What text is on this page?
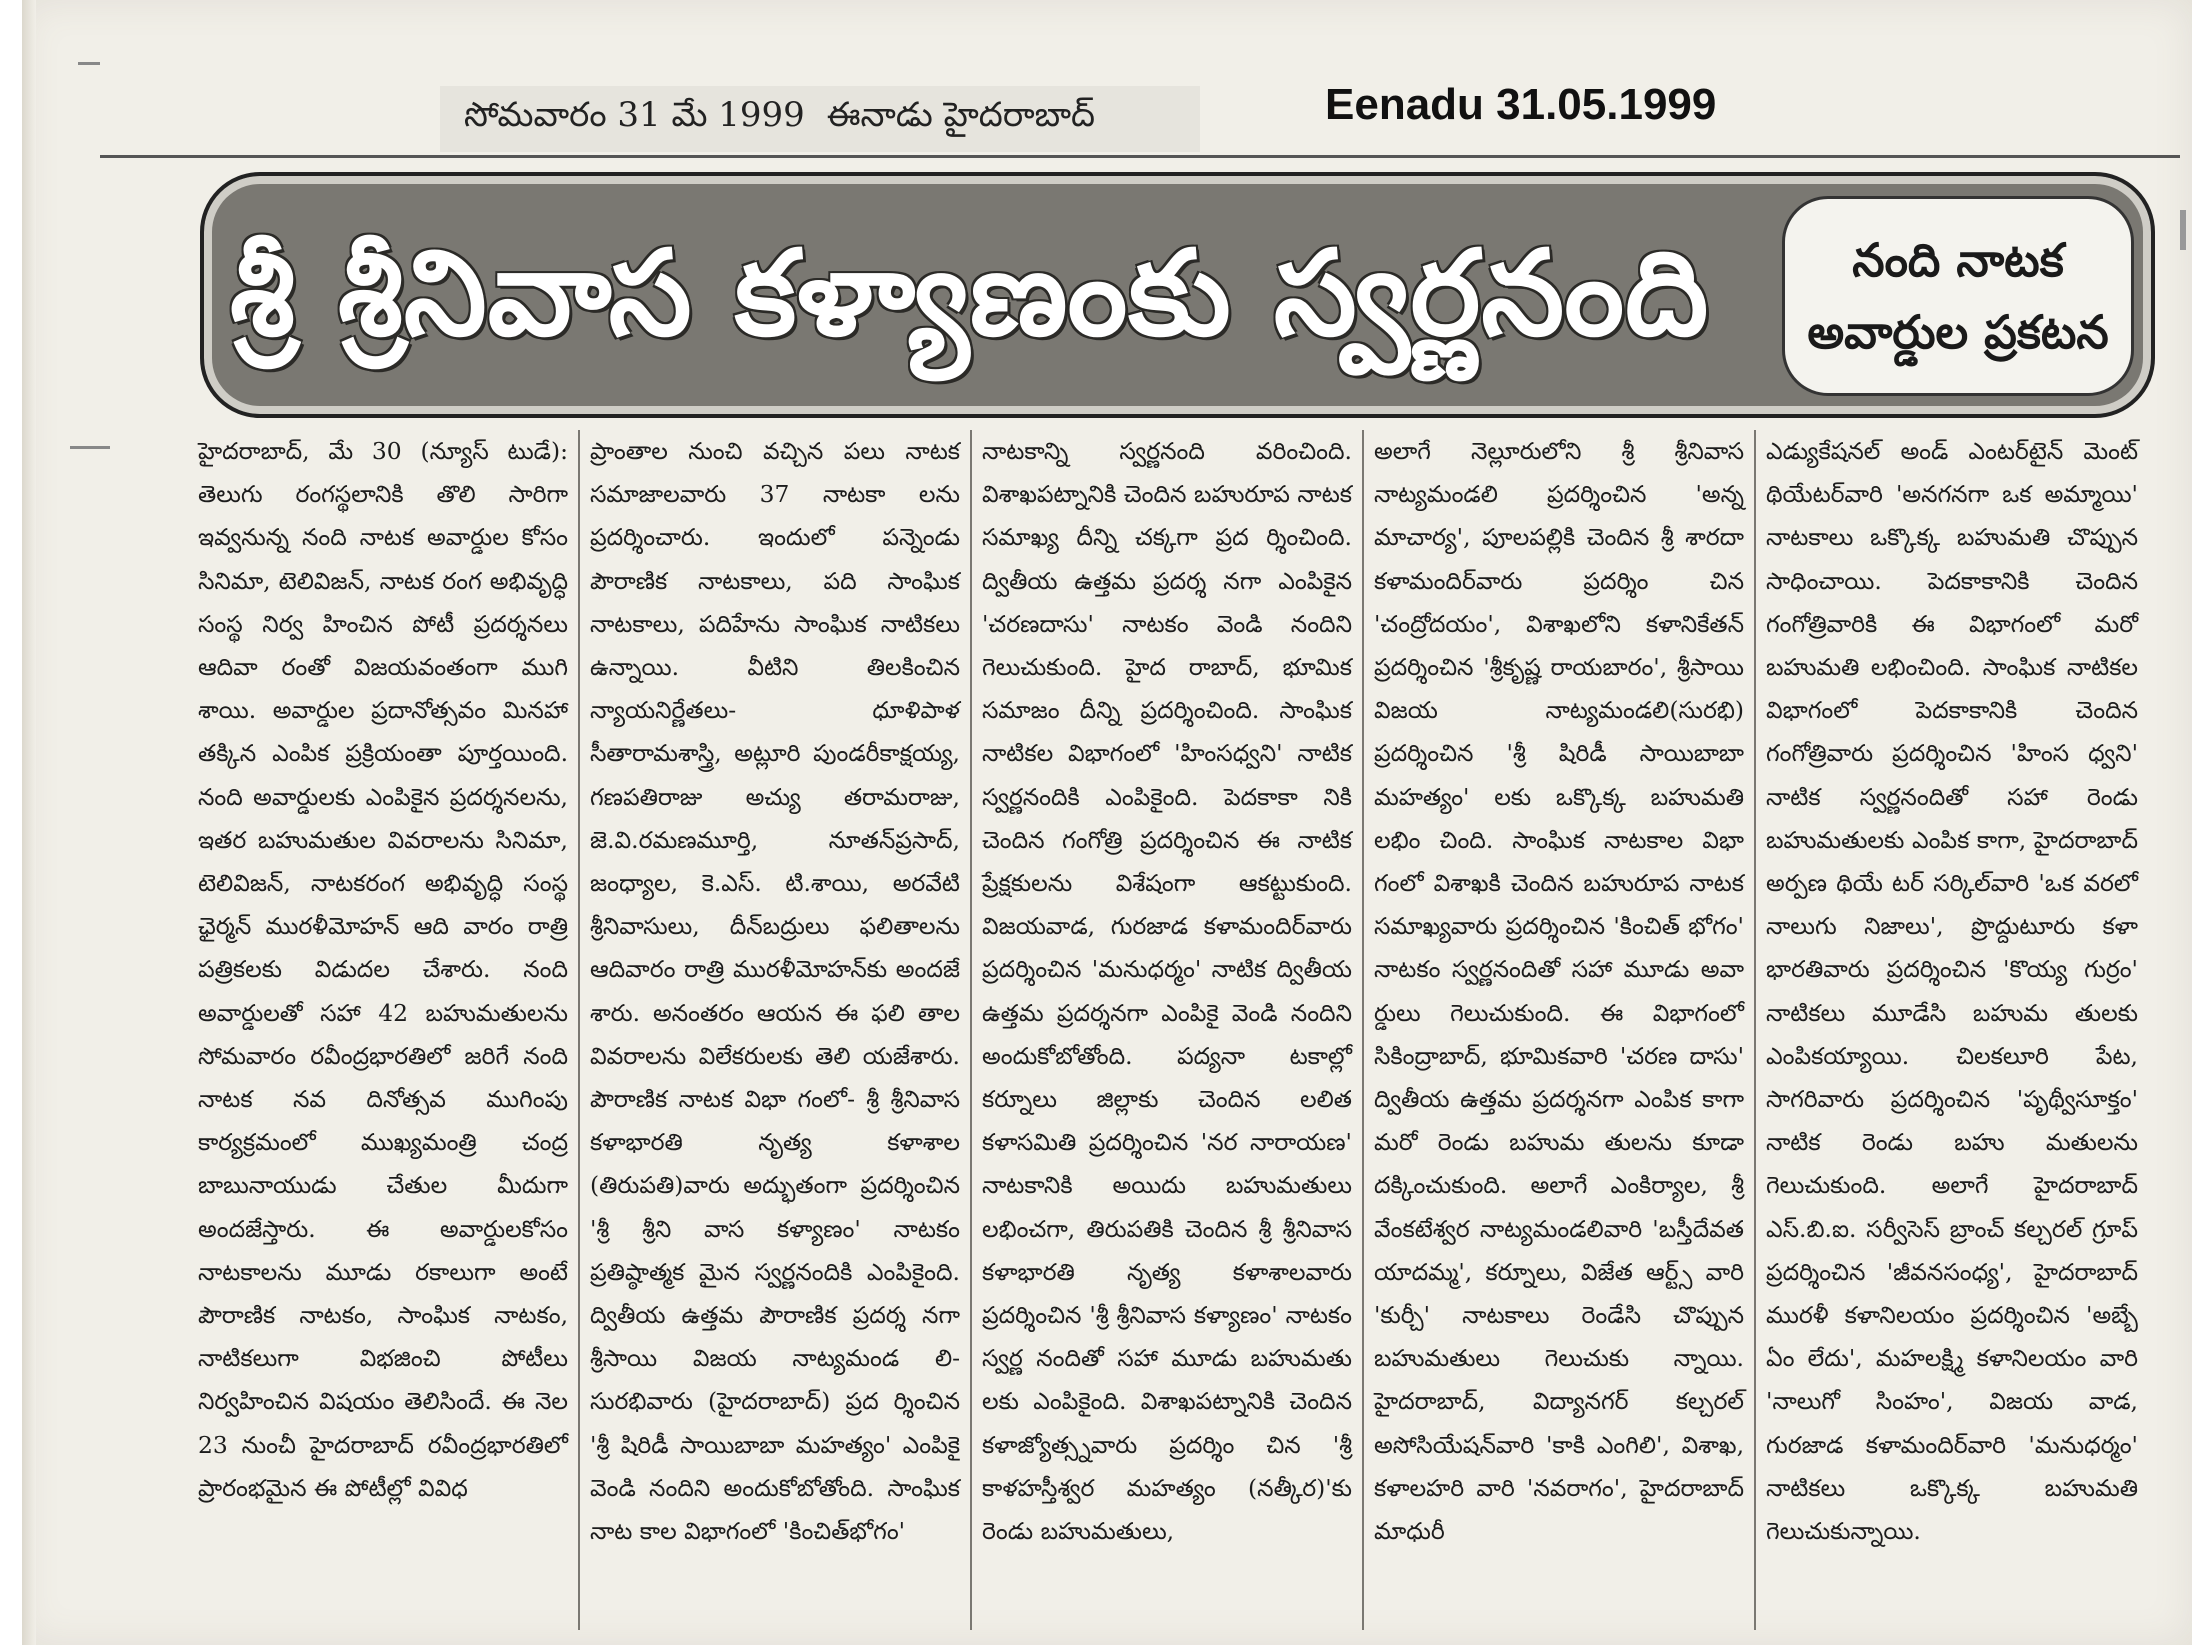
సోమవారం 31 మే 1999 ఈనాడు హైదరాబాద్	Eenadu 31.05.1999
శ్రీ శ్రీనివాస కళ్యాణంకు స్వర్ణనంది	నంది నాటక
అవార్డుల ప్రకటన

హైదరాబాద్, మే 30 (న్యూస్ టుడే): తెలుగు రంగస్థలానికి తొలి సారిగా ఇవ్వనున్న నంది నాటక అవార్డుల కోసం సినిమా, టెలివిజన్, నాటక రంగ అభివృద్ధి సంస్థ నిర్వ హించిన పోటీ ప్రదర్శనలు ఆదివా రంతో విజయవంతంగా ముగి శాయి. అవార్డుల ప్రదానోత్సవం మినహా తక్కిన ఎంపిక ప్రక్రియంతా పూర్తయింది. నంది అవార్డులకు ఎంపికైన ప్రదర్శనలను, ఇతర బహుమతుల వివరాలను సినిమా, టెలివిజన్, నాటకరంగ అభివృద్ధి సంస్థ ఛైర్మన్ మురళీమోహన్ ఆది వారం రాత్రి పత్రికలకు విడుదల చేశారు. నంది అవార్డులతో సహా 42 బహుమతులను సోమవారం రవీంద్రభారతిలో జరిగే నంది నాటక నవ దినోత్సవ ముగింపు కార్యక్రమంలో ముఖ్యమంత్రి చంద్ర బాబునాయుడు చేతుల మీదుగా అందజేస్తారు. ఈ అవార్డులకోసం నాటకాలను మూడు రకాలుగా అంటే పౌరాణిక నాటకం, సాంఘిక నాటకం, నాటికలుగా విభజించి పోటీలు నిర్వహించిన విషయం తెలిసిందే. ఈ నెల 23 నుంచీ హైదరాబాద్ రవీంద్రభారతిలో ప్రారంభమైన ఈ పోటీల్లో వివిధ

ప్రాంతాల నుంచి వచ్చిన పలు నాటక సమాజాలవారు 37 నాటకా లను ప్రదర్శించారు. ఇందులో పన్నెండు పౌరాణిక నాటకాలు, పది సాంఘిక నాటకాలు, పదిహేను సాంఘిక నాటికలు ఉన్నాయి. వీటిని తిలకించిన న్యాయనిర్ణేతలు- ధూళిపాళ సీతారామశాస్త్రి, అట్లూరి పుండరీకాక్షయ్య, గణపతిరాజు అచ్యు తరామరాజు, జె.వి.రమణమూర్తి, నూతన్‌ప్రసాద్, జంధ్యాల, కె.ఎస్. టి.శాయి, అరవేటి శ్రీనివాసులు, దీన్‌బద్రులు ఫలితాలను ఆదివారం రాత్రి మురళీమోహన్‌కు అందజే శారు. అనంతరం ఆయన ఈ ఫలి తాల వివరాలను విలేకరులకు తెలి యజేశారు. పౌరాణిక నాటక విభా గంలో- శ్రీ శ్రీనివాస కళాభారతి నృత్య కళాశాల (తిరుపతి)వారు అద్భుతంగా ప్రదర్శించిన 'శ్రీ శ్రీని వాస కళ్యాణం' నాటకం ప్రతిష్ఠాత్మక మైన స్వర్ణనందికి ఎంపికైంది. ద్వితీయ ఉత్తమ పౌరాణిక ప్రదర్శ నగా శ్రీసాయి విజయ నాట్యమండ లి-సురభివారు (హైదరాబాద్) ప్రద ర్శించిన 'శ్రీ షిరిడీ సాయిబాబా మహత్యం' ఎంపికై వెండి నందిని అందుకోబోతోంది. సాంఘిక నాట కాల విభాగంలో 'కించిత్‌భోగం'

నాటకాన్ని స్వర్ణనంది వరించింది. విశాఖపట్నానికి చెందిన బహురూప నాటక సమాఖ్య దీన్ని చక్కగా ప్రద ర్శించింది. ద్వితీయ ఉత్తమ ప్రదర్శ నగా ఎంపికైన 'చరణదాసు' నాటకం వెండి నందిని గెలుచుకుంది. హైద రాబాద్, భూమిక సమాజం దీన్ని ప్రదర్శించింది. సాంఘిక నాటికల విభాగంలో 'హింసధ్వని' నాటిక స్వర్ణనందికి ఎంపికైంది. పెదకాకా నికి చెందిన గంగోత్రి ప్రదర్శించిన ఈ నాటిక ప్రేక్షకులను విశేషంగా ఆకట్టుకుంది. విజయవాడ, గురజాడ కళామందిర్‌వారు ప్రదర్శించిన 'మనుధర్మం' నాటిక ద్వితీయ ఉత్తమ ప్రదర్శనగా ఎంపికై వెండి నందిని అందుకోబోతోంది. పద్యనా టకాల్లో కర్నూలు జిల్లాకు చెందిన లలిత కళాసమితి ప్రదర్శించిన 'నర నారాయణ' నాటకానికి అయిదు బహుమతులు లభించగా, తిరుపతికి చెందిన శ్రీ శ్రీనివాస కళాభారతి నృత్య కళాశాలవారు ప్రదర్శించిన 'శ్రీ శ్రీనివాస కళ్యాణం' నాటకం స్వర్ణ నందితో సహా మూడు బహుమతు లకు ఎంపికైంది. విశాఖపట్నానికి చెందిన కళాజ్యోత్స్నవారు ప్రదర్శిం చిన 'శ్రీ కాళహస్తీశ్వర మహత్యం (నత్కీర)'కు రెండు బహుమతులు,

అలాగే నెల్లూరులోని శ్రీ శ్రీనివాస నాట్యమండలి ప్రదర్శించిన 'అన్న మాచార్య', పూలపల్లికి చెందిన శ్రీ శారదా కళామందిర్‌వారు ప్రదర్శిం చిన 'చంద్రోదయం', విశాఖలోని కళానికేతన్ ప్రదర్శించిన 'శ్రీకృష్ణ రాయబారం', శ్రీసాయి విజయ నాట్యమండలి(సురభి) ప్రదర్శించిన 'శ్రీ షిరిడీ సాయిబాబా మహత్యం' లకు ఒక్కొక్క బహుమతి లభిం చింది. సాంఘిక నాటకాల విభా గంలో విశాఖకి చెందిన బహురూప నాటక సమాఖ్యవారు ప్రదర్శించిన 'కించిత్ భోగం' నాటకం స్వర్ణనందితో సహా మూడు అవా ర్డులు గెలుచుకుంది. ఈ విభాగంలో సికింద్రాబాద్, భూమికవారి 'చరణ దాసు' ద్వితీయ ఉత్తమ ప్రదర్శనగా ఎంపిక కాగా మరో రెండు బహుమ తులను కూడా దక్కించుకుంది. అలాగే ఎంకిర్యాల, శ్రీ వేంకటేశ్వర నాట్యమండలివారి 'బస్తీదేవత యాదమ్మ', కర్నూలు, విజేత ఆర్ట్స్ వారి 'కుర్చీ' నాటకాలు రెండేసి చొప్పున బహుమతులు గెలుచుకు న్నాయి. హైదరాబాద్, విద్యానగర్ కల్చరల్ అసోసియేషన్‌వారి 'కాకి ఎంగిలి', విశాఖ, కళాలహరి వారి 'నవరాగం', హైదరాబాద్ మాధురీ

ఎడ్యుకేషనల్ అండ్ ఎంటర్‌టైన్ మెంట్ థియేటర్‌వారి 'అనగనగా ఒక అమ్మాయి' నాటకాలు ఒక్కొక్క బహుమతి చొప్పున సాధించాయి. పెదకాకానికి చెందిన గంగోత్రివారికి ఈ విభాగంలో మరో బహుమతి లభించింది. సాంఘిక నాటికల విభాగంలో పెదకాకానికి చెందిన గంగోత్రివారు ప్రదర్శించిన 'హింస ధ్వని' నాటిక స్వర్ణనందితో సహా రెండు బహుమతులకు ఎంపిక కాగా, హైదరాబాద్ అర్పణ థియే టర్ సర్కిల్‌వారి 'ఒక వరలో నాలుగు నిజాలు', ప్రొద్దుటూరు కళా భారతివారు ప్రదర్శించిన 'కొయ్య గుర్రం' నాటికలు మూడేసి బహుమ తులకు ఎంపికయ్యాయి. చిలకలూరి పేట, సాగరివారు ప్రదర్శించిన 'పృథ్వీసూక్తం' నాటిక రెండు బహు మతులను గెలుచుకుంది. అలాగే హైదరాబాద్ ఎస్.బి.ఐ. సర్వీసెస్ బ్రాంచ్ కల్చరల్ గ్రూప్ ప్రదర్శించిన 'జీవనసంధ్య', హైదరాబాద్ మురళీ కళానిలయం ప్రదర్శించిన 'అబ్బే ఏం లేదు', మహలక్ష్మి కళానిలయం వారి 'నాలుగో సింహం', విజయ వాడ, గురజాడ కళామందిర్‌వారి 'మనుధర్మం' నాటికలు ఒక్కొక్క బహుమతి గెలుచుకున్నాయి.
